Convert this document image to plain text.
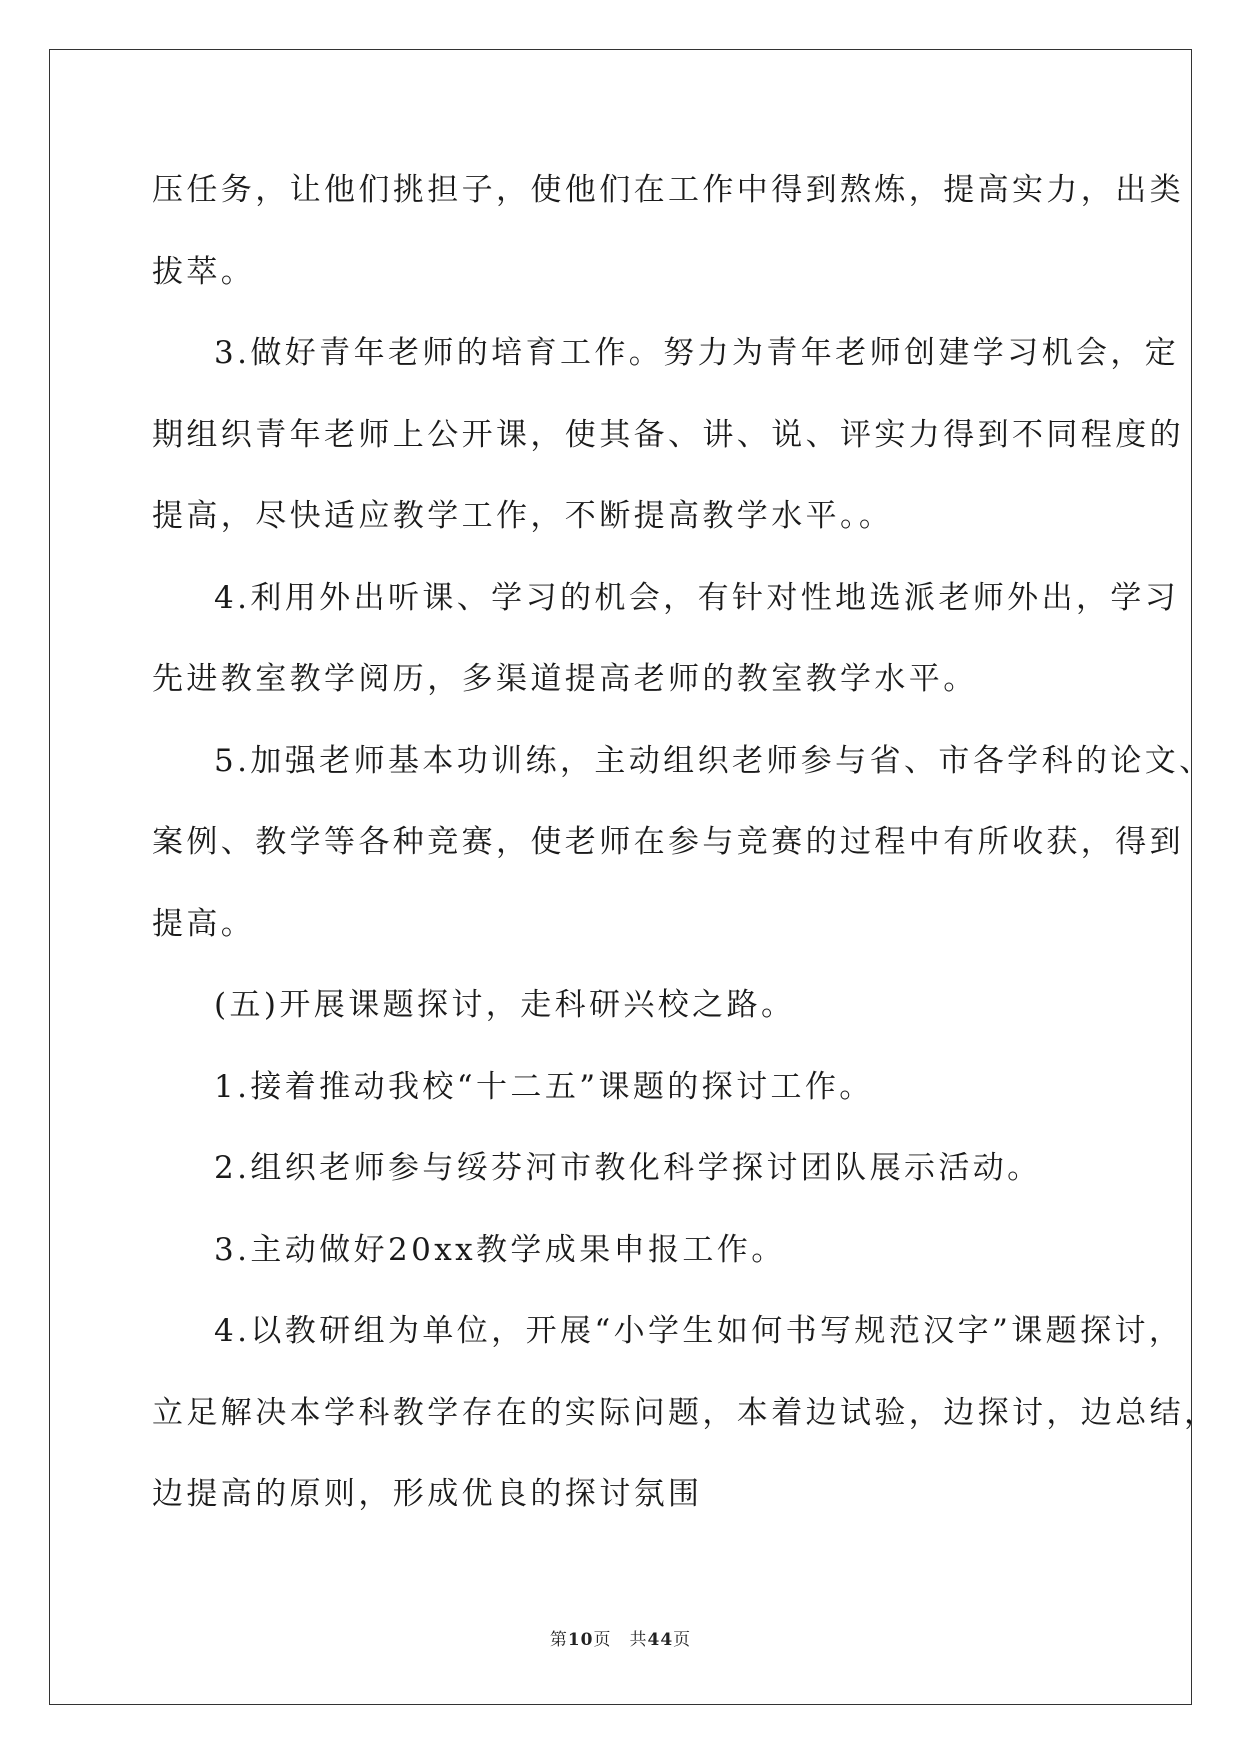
压任务，让他们挑担子，使他们在工作中得到熬炼，提高实力，出类
拔萃。
3.做好青年老师的培育工作。努力为青年老师创建学习机会，定
期组织青年老师上公开课，使其备、讲、说、评实力得到不同程度的
提高，尽快适应教学工作，不断提高教学水平。。
4.利用外出听课、学习的机会，有针对性地选派老师外出，学习
先进教室教学阅历，多渠道提高老师的教室教学水平。
5.加强老师基本功训练，主动组织老师参与省、市各学科的论文、
案例、教学等各种竞赛，使老师在参与竞赛的过程中有所收获，得到
提高。
(五)开展课题探讨，走科研兴校之路。
1.接着推动我校“十二五”课题的探讨工作。
2.组织老师参与绥芬河市教化科学探讨团队展示活动。
3.主动做好20xx教学成果申报工作。
4.以教研组为单位，开展“小学生如何书写规范汉字”课题探讨，
立足解决本学科教学存在的实际问题，本着边试验，边探讨，边总结，
边提高的原则，形成优良的探讨氛围
第10页 共44页
